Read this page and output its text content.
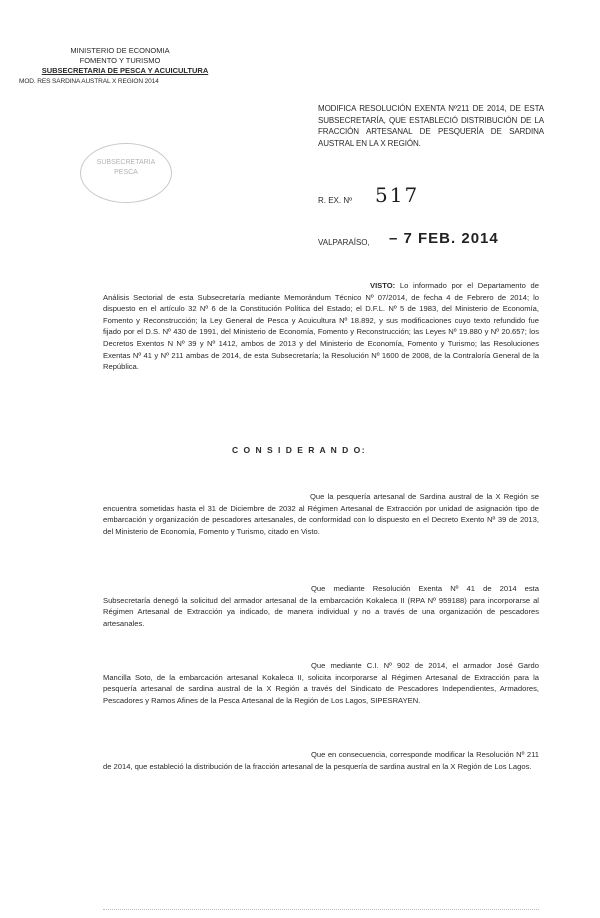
MINISTERIO DE ECONOMIA
FOMENTO Y TURISMO
SUBSECRETARIA DE PESCA Y ACUICULTURA
MOD. RES SARDINA AUSTRAL X REGION 2014
SUBSECRETARIA
PESCA
MODIFICA RESOLUCIÓN EXENTA Nº211 DE 2014, DE ESTA SUBSECRETARÍA, QUE ESTABLECIÓ DISTRIBUCIÓN DE LA FRACCIÓN ARTESANAL DE PESQUERÍA DE SARDINA AUSTRAL EN LA X REGIÓN.
R. EX. Nº 517
VALPARAÍSO, – 7 FEB. 2014
VISTO: Lo informado por el Departamento de Análisis Sectorial de esta Subsecretaría mediante Memorándum Técnico Nº 07/2014, de fecha 4 de Febrero de 2014; lo dispuesto en el artículo 32 Nº 6 de la Constitución Política del Estado; el D.F.L. Nº 5 de 1983, del Ministerio de Economía, Fomento y Reconstrucción; la Ley General de Pesca y Acuicultura Nº 18.892, y sus modificaciones cuyo texto refundido fue fijado por el D.S. Nº 430 de 1991, del Ministerio de Economía, Fomento y Reconstrucción; las Leyes Nº 19.880 y Nº 20.657; los Decretos Exentos N Nº 39 y Nº 1412, ambos de 2013 y del Ministerio de Economía, Fomento y Turismo; las Resoluciones Exentas Nº 41 y Nº 211 ambas de 2014, de esta Subsecretaría; la Resolución Nº 1600 de 2008, de la Contraloría General de la República.
C O N S I D E R A N D O:
Que la pesquería artesanal de Sardina austral de la X Región se encuentra sometidas hasta el 31 de Diciembre de 2032 al Régimen Artesanal de Extracción por unidad de asignación tipo de embarcación y organización de pescadores artesanales, de conformidad con lo dispuesto en el Decreto Exento Nº 39 de 2013, del Ministerio de Economía, Fomento y Turismo, citado en Visto.
Que mediante Resolución Exenta Nº 41 de 2014 esta Subsecretaría denegó la solicitud del armador artesanal de la embarcación Kokaleca II (RPA Nº 959188) para incorporarse al Régimen Artesanal de Extracción ya indicado, de manera individual y no a través de una organización de pescadores artesanales.
Que mediante C.I. Nº 902 de 2014, el armador José Gardo Mancilla Soto, de la embarcación artesanal Kokaleca II, solicita incorporarse al Régimen Artesanal de Extracción para la pesquería artesanal de sardina austral de la X Región a través del Sindicato de Pescadores Independientes, Armadores, Pescadores y Ramos Afines de la Pesca Artesanal de la Región de Los Lagos, SIPESRAYEN.
Que en consecuencia, corresponde modificar la Resolución Nº 211 de 2014, que estableció la distribución de la fracción artesanal de la pesquería de sardina austral en la X Región de Los Lagos.
